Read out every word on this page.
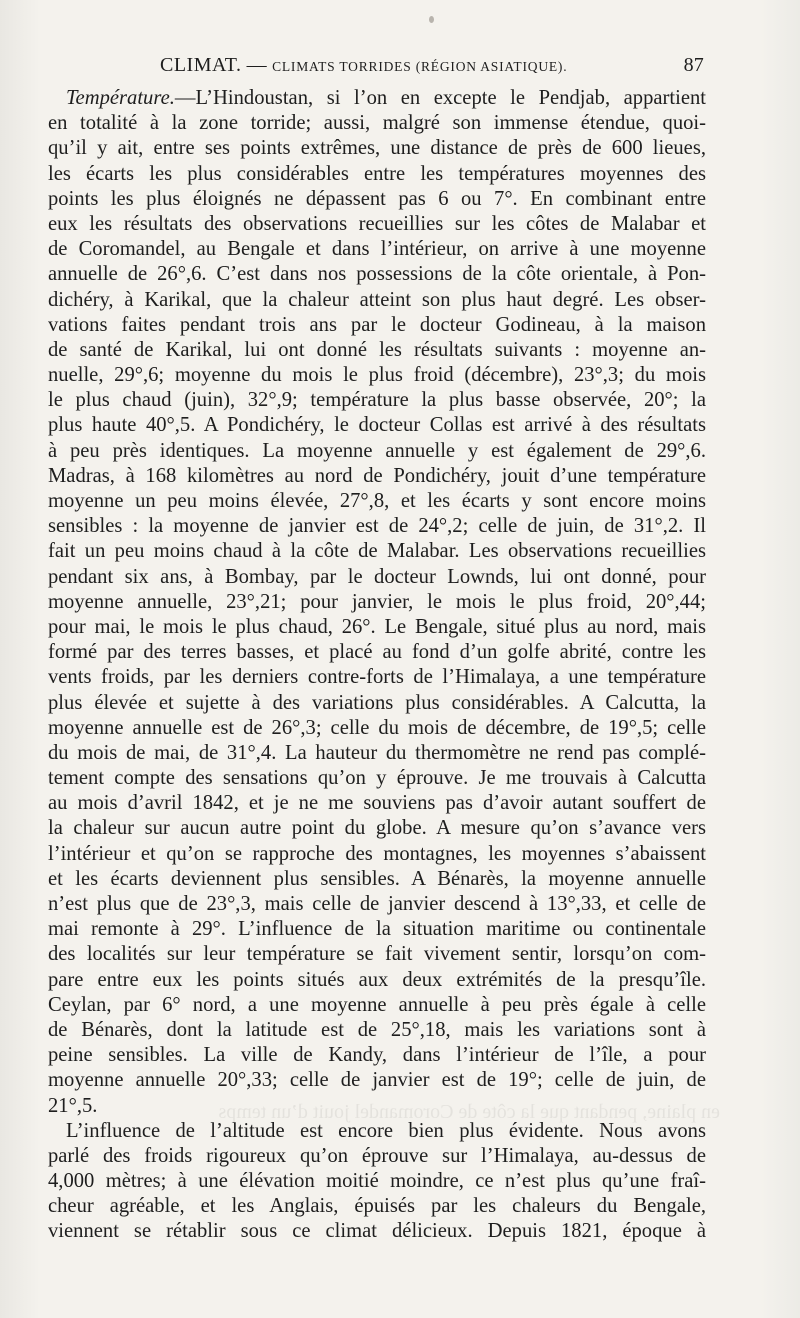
CLIMAT. — CLIMATS TORRIDES (RÉGION ASIATIQUE).	87
en plaine, pendant que la côte de Coromandel jouit d’un temps
Température.—L’Hindoustan, si l’on en excepte le Pendjab, appartient
en totalité à la zone torride; aussi, malgré son immense étendue, quoi-
qu’il y ait, entre ses points extrêmes, une distance de près de 600 lieues,
les écarts les plus considérables entre les températures moyennes des
points les plus éloignés ne dépassent pas 6 ou 7°. En combinant entre
eux les résultats des observations recueillies sur les côtes de Malabar et
de Coromandel, au Bengale et dans l’intérieur, on arrive à une moyenne
annuelle de 26°,6. C’est dans nos possessions de la côte orientale, à Pon-
dichéry, à Karikal, que la chaleur atteint son plus haut degré. Les obser-
vations faites pendant trois ans par le docteur Godineau, à la maison
de santé de Karikal, lui ont donné les résultats suivants : moyenne an-
nuelle, 29°,6; moyenne du mois le plus froid (décembre), 23°,3; du mois
le plus chaud (juin), 32°,9; température la plus basse observée, 20°; la
plus haute 40°,5. A Pondichéry, le docteur Collas est arrivé à des résultats
à peu près identiques. La moyenne annuelle y est également de 29°,6.
Madras, à 168 kilomètres au nord de Pondichéry, jouit d’une température
moyenne un peu moins élevée, 27°,8, et les écarts y sont encore moins
sensibles : la moyenne de janvier est de 24°,2; celle de juin, de 31°,2. Il
fait un peu moins chaud à la côte de Malabar. Les observations recueillies
pendant six ans, à Bombay, par le docteur Lownds, lui ont donné, pour
moyenne annuelle, 23°,21; pour janvier, le mois le plus froid, 20°,44;
pour mai, le mois le plus chaud, 26°. Le Bengale, situé plus au nord, mais
formé par des terres basses, et placé au fond d’un golfe abrité, contre les
vents froids, par les derniers contre-forts de l’Himalaya, a une température
plus élevée et sujette à des variations plus considérables. A Calcutta, la
moyenne annuelle est de 26°,3; celle du mois de décembre, de 19°,5; celle
du mois de mai, de 31°,4. La hauteur du thermomètre ne rend pas complé-
tement compte des sensations qu’on y éprouve. Je me trouvais à Calcutta
au mois d’avril 1842, et je ne me souviens pas d’avoir autant souffert de
la chaleur sur aucun autre point du globe. A mesure qu’on s’avance vers
l’intérieur et qu’on se rapproche des montagnes, les moyennes s’abaissent
et les écarts deviennent plus sensibles. A Bénarès, la moyenne annuelle
n’est plus que de 23°,3, mais celle de janvier descend à 13°,33, et celle de
mai remonte à 29°. L’influence de la situation maritime ou continentale
des localités sur leur température se fait vivement sentir, lorsqu’on com-
pare entre eux les points situés aux deux extrémités de la presqu’île.
Ceylan, par 6° nord, a une moyenne annuelle à peu près égale à celle
de Bénarès, dont la latitude est de 25°,18, mais les variations sont à
peine sensibles. La ville de Kandy, dans l’intérieur de l’île, a pour
moyenne annuelle 20°,33; celle de janvier est de 19°; celle de juin, de
21°,5.
L’influence de l’altitude est encore bien plus évidente. Nous avons
parlé des froids rigoureux qu’on éprouve sur l’Himalaya, au-dessus de
4,000 mètres; à une élévation moitié moindre, ce n’est plus qu’une fraî-
cheur agréable, et les Anglais, épuisés par les chaleurs du Bengale,
viennent se rétablir sous ce climat délicieux. Depuis 1821, époque à
